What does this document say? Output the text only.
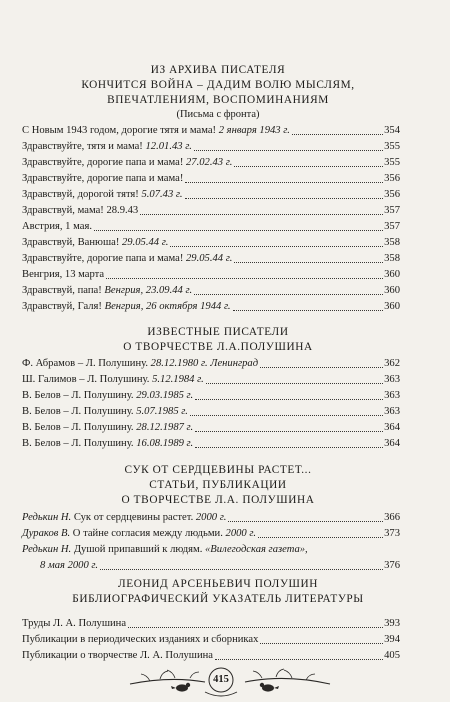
ИЗ АРХИВА ПИСАТЕЛЯ
КОНЧИТСЯ ВОЙНА – ДАДИМ ВОЛЮ МЫСЛЯМ,
ВПЕЧАТЛЕНИЯМ, ВОСПОМИНАНИЯМ
(Письма с фронта)
С Новым 1943 годом, дорогие тятя и мама! 2 января 1943 г.	354
Здравствуйте, тятя и мама! 12.01.43 г.	355
Здравствуйте, дорогие папа и мама! 27.02.43 г.	355
Здравствуйте, дорогие папа и мама!	356
Здравствуй, дорогой тятя! 5.07.43 г.	356
Здравствуй, мама! 28.9.43	357
Австрия, 1 мая.	357
Здравствуй, Ванюша! 29.05.44 г.	358
Здравствуйте, дорогие папа и мама! 29.05.44 г.	358
Венгрия, 13 марта	360
Здравствуй, папа! Венгрия, 23.09.44 г.	360
Здравствуй, Галя! Венгрия, 26 октября 1944 г.	360
ИЗВЕСТНЫЕ ПИСАТЕЛИ
О ТВОРЧЕСТВЕ Л.А.ПОЛУШИНА
Ф. Абрамов – Л. Полушину. 28.12.1980 г. Ленинград	362
Ш. Галимов – Л. Полушину. 5.12.1984 г.	363
В. Белов – Л. Полушину. 29.03.1985 г.	363
В. Белов – Л. Полушину. 5.07.1985 г.	363
В. Белов – Л. Полушину. 28.12.1987 г.	364
В. Белов – Л. Полушину. 16.08.1989 г.	364
СУК ОТ СЕРДЦЕВИНЫ РАСТЕТ...
СТАТЬИ, ПУБЛИКАЦИИ
О ТВОРЧЕСТВЕ Л.А. ПОЛУШИНА
Редькин Н. Сук от сердцевины растет. 2000 г.	366
Дураков В. О тайне согласия между людьми. 2000 г.	373
Редькин Н. Душой припавший к людям. «Вилегодская газета»,
8 мая 2000 г.	376
ЛЕОНИД АРСЕНЬЕВИЧ ПОЛУШИН
БИБЛИОГРАФИЧЕСКИЙ УКАЗАТЕЛЬ ЛИТЕРАТУРЫ
Труды Л. А. Полушина	393
Публикации в периодических изданиях и сборниках	394
Публикации о творчестве Л. А. Полушина	405
415
